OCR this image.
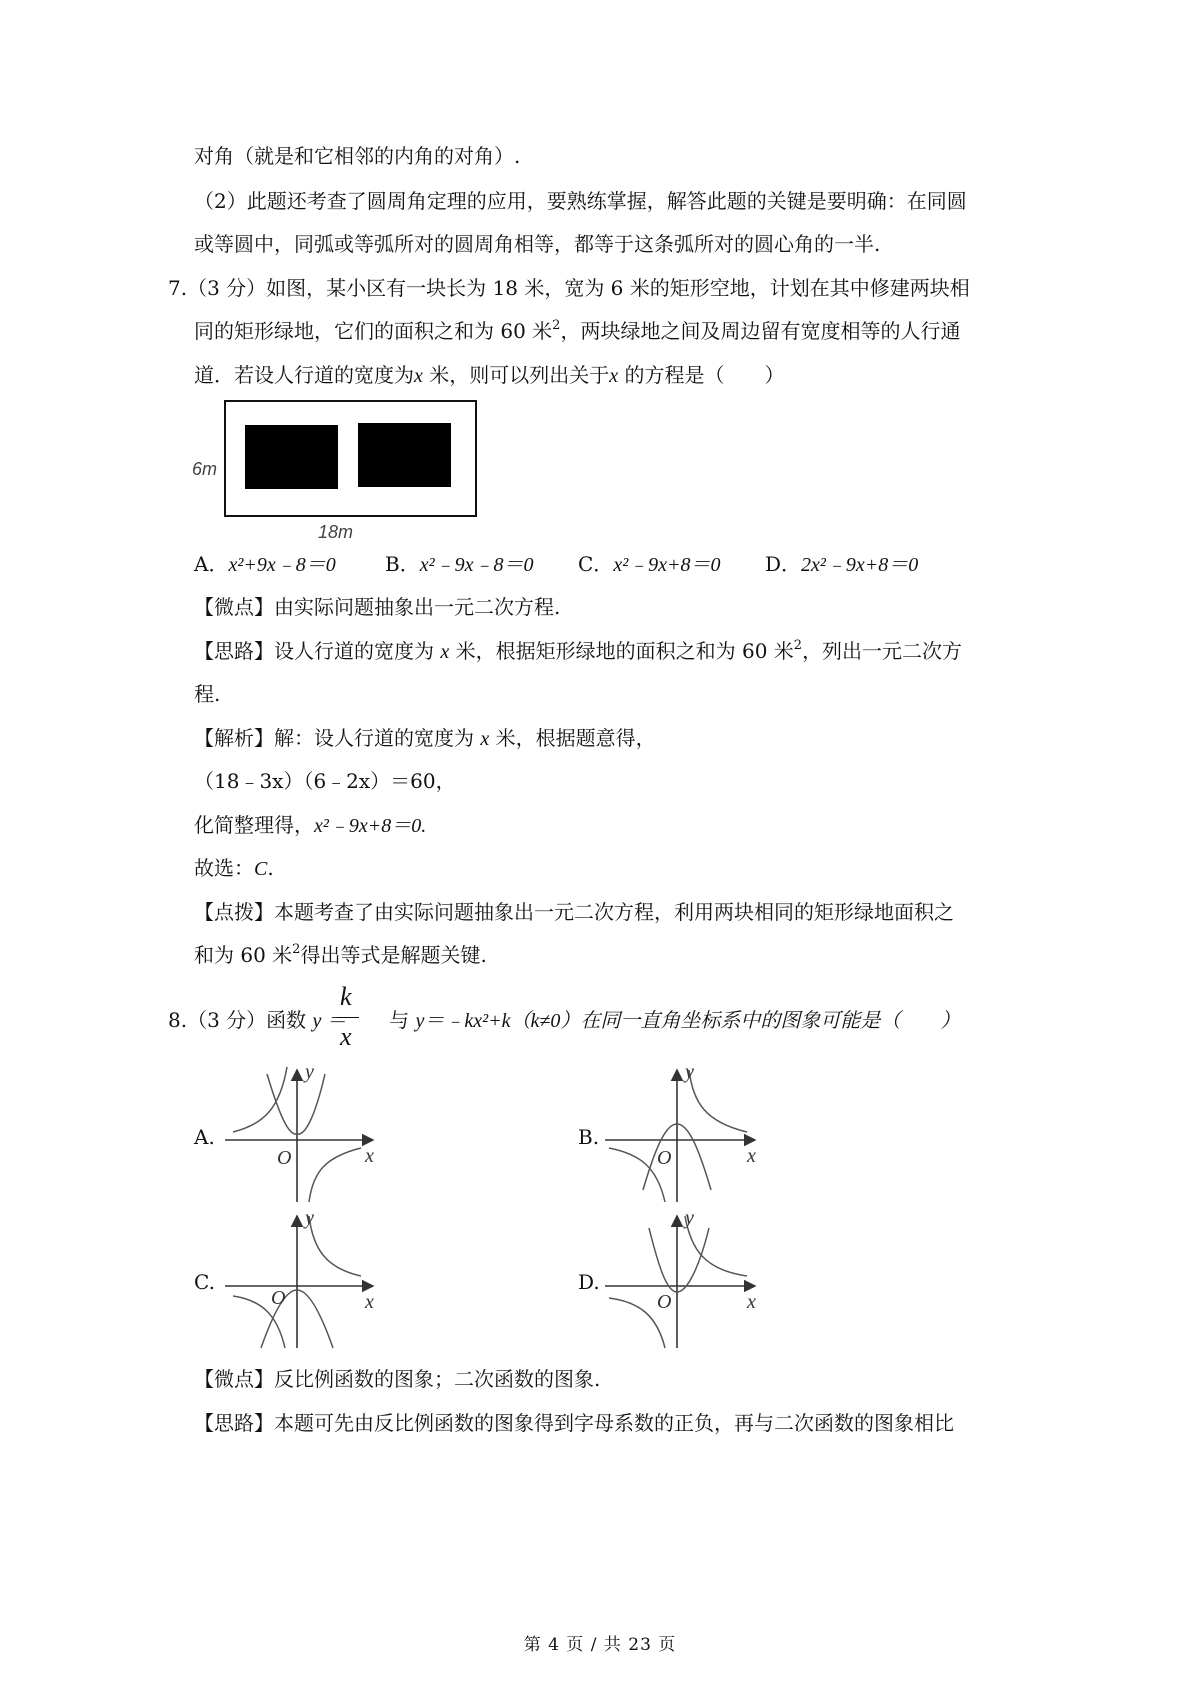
对角（就是和它相邻的内角的对角）.
（2）此题还考查了圆周角定理的应用，要熟练掌握，解答此题的关键是要明确：在同圆
或等圆中，同弧或等弧所对的圆周角相等，都等于这条弧所对的圆心角的一半.
7.（3 分）如图，某小区有一块长为 18 米，宽为 6 米的矩形空地，计划在其中修建两块相
同的矩形绿地，它们的面积之和为 60 米$^2$，两块绿地之间及周边留有宽度相等的人行通
道．若设人行道的宽度为x 米，则可以列出关于x 的方程是（　　）
6m
18m
A．x²+9x﹣8＝0 B．x²﹣9x﹣8＝0 C．x²﹣9x+8＝0 D．2x²﹣9x+8＝0
【微点】由实际问题抽象出一元二次方程.
【思路】设人行道的宽度为 x 米，根据矩形绿地的面积之和为 60 米$^2$，列出一元二次方
程.
【解析】解：设人行道的宽度为 x 米，根据题意得，
（18﹣3x）（6﹣2x）＝60，
化简整理得，x²﹣9x+8＝0.
故选：C.
【点拨】本题考查了由实际问题抽象出一元二次方程，利用两块相同的矩形绿地面积之
和为 60 米$^2$得出等式是解题关键.
8.（3 分）函数 y ＝ 与 y＝﹣kx²+k（k≠0）在同一直角坐标系中的图象可能是（　　）
k
x
A.	B.
C.	D.
y
x
O
y
x
O
y
x
O
y
x
O
【微点】反比例函数的图象；二次函数的图象.
【思路】本题可先由反比例函数的图象得到字母系数的正负，再与二次函数的图象相比
第 4 页 / 共 23 页
